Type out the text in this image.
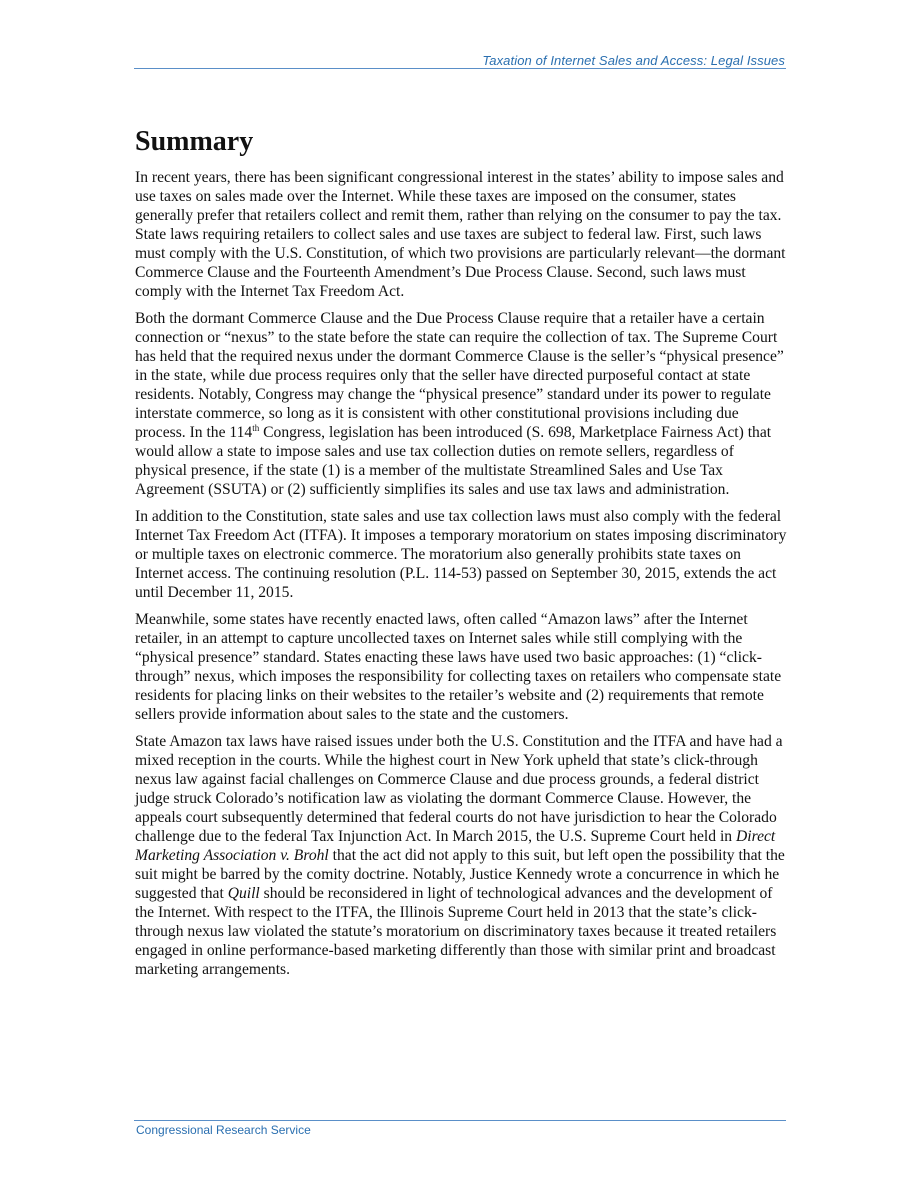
Taxation of Internet Sales and Access: Legal Issues
Summary

In recent years, there has been significant congressional interest in the states’ ability to impose sales and use taxes on sales made over the Internet. While these taxes are imposed on the consumer, states generally prefer that retailers collect and remit them, rather than relying on the consumer to pay the tax. State laws requiring retailers to collect sales and use taxes are subject to federal law. First, such laws must comply with the U.S. Constitution, of which two provisions are particularly relevant—the dormant Commerce Clause and the Fourteenth Amendment’s Due Process Clause. Second, such laws must comply with the Internet Tax Freedom Act.

Both the dormant Commerce Clause and the Due Process Clause require that a retailer have a certain connection or “nexus” to the state before the state can require the collection of tax. The Supreme Court has held that the required nexus under the dormant Commerce Clause is the seller’s “physical presence” in the state, while due process requires only that the seller have directed purposeful contact at state residents. Notably, Congress may change the “physical presence” standard under its power to regulate interstate commerce, so long as it is consistent with other constitutional provisions including due process. In the 114th Congress, legislation has been introduced (S. 698, Marketplace Fairness Act) that would allow a state to impose sales and use tax collection duties on remote sellers, regardless of physical presence, if the state (1) is a member of the multistate Streamlined Sales and Use Tax Agreement (SSUTA) or (2) sufficiently simplifies its sales and use tax laws and administration.

In addition to the Constitution, state sales and use tax collection laws must also comply with the federal Internet Tax Freedom Act (ITFA). It imposes a temporary moratorium on states imposing discriminatory or multiple taxes on electronic commerce. The moratorium also generally prohibits state taxes on Internet access. The continuing resolution (P.L. 114-53) passed on September 30, 2015, extends the act until December 11, 2015.

Meanwhile, some states have recently enacted laws, often called “Amazon laws” after the Internet retailer, in an attempt to capture uncollected taxes on Internet sales while still complying with the “physical presence” standard. States enacting these laws have used two basic approaches: (1) “click-through” nexus, which imposes the responsibility for collecting taxes on retailers who compensate state residents for placing links on their websites to the retailer’s website and (2) requirements that remote sellers provide information about sales to the state and the customers.

State Amazon tax laws have raised issues under both the U.S. Constitution and the ITFA and have had a mixed reception in the courts. While the highest court in New York upheld that state’s click-through nexus law against facial challenges on Commerce Clause and due process grounds, a federal district judge struck Colorado’s notification law as violating the dormant Commerce Clause. However, the appeals court subsequently determined that federal courts do not have jurisdiction to hear the Colorado challenge due to the federal Tax Injunction Act. In March 2015, the U.S. Supreme Court held in Direct Marketing Association v. Brohl that the act did not apply to this suit, but left open the possibility that the suit might be barred by the comity doctrine. Notably, Justice Kennedy wrote a concurrence in which he suggested that Quill should be reconsidered in light of technological advances and the development of the Internet. With respect to the ITFA, the Illinois Supreme Court held in 2013 that the state’s click-through nexus law violated the statute’s moratorium on discriminatory taxes because it treated retailers engaged in online performance-based marketing differently than those with similar print and broadcast marketing arrangements.

Congressional Research Service
